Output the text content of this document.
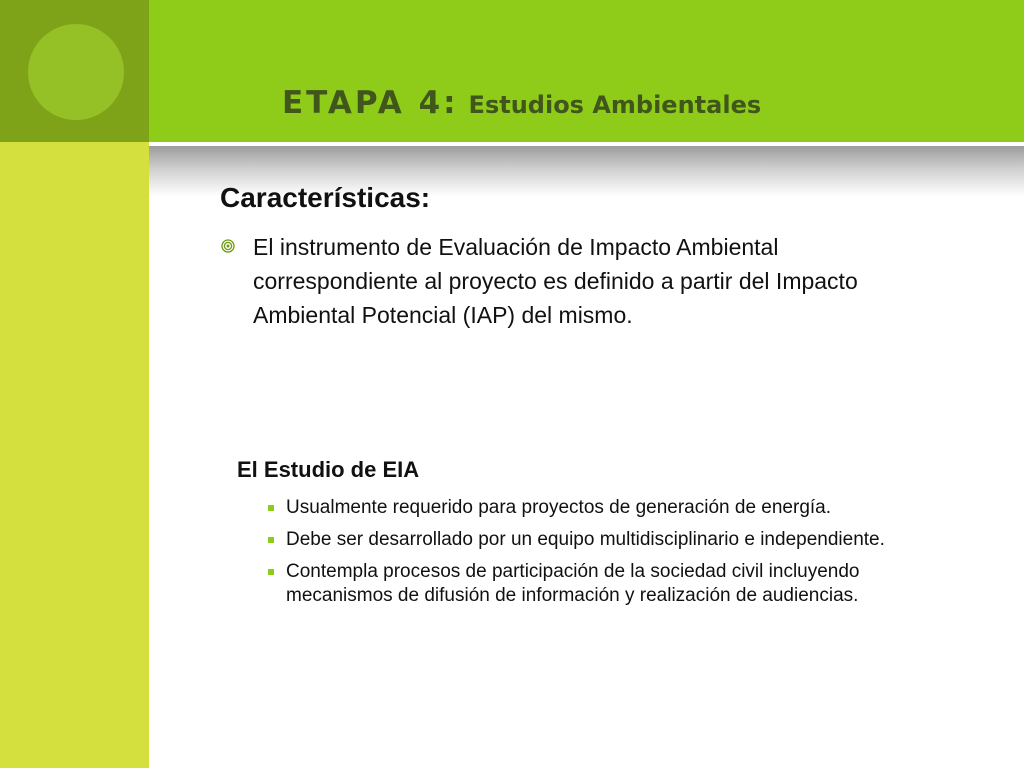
ETAPA 4: Estudios Ambientales
Características:

El instrumento de Evaluación de Impacto Ambiental correspondiente al proyecto es definido a partir del Impacto Ambiental Potencial (IAP) del mismo.

El Estudio de EIA
Usualmente requerido para proyectos de generación de energía.
Debe ser desarrollado por un equipo multidisciplinario e independiente.
Contempla procesos de participación de la sociedad civil incluyendo mecanismos de difusión de información y realización de audiencias.
